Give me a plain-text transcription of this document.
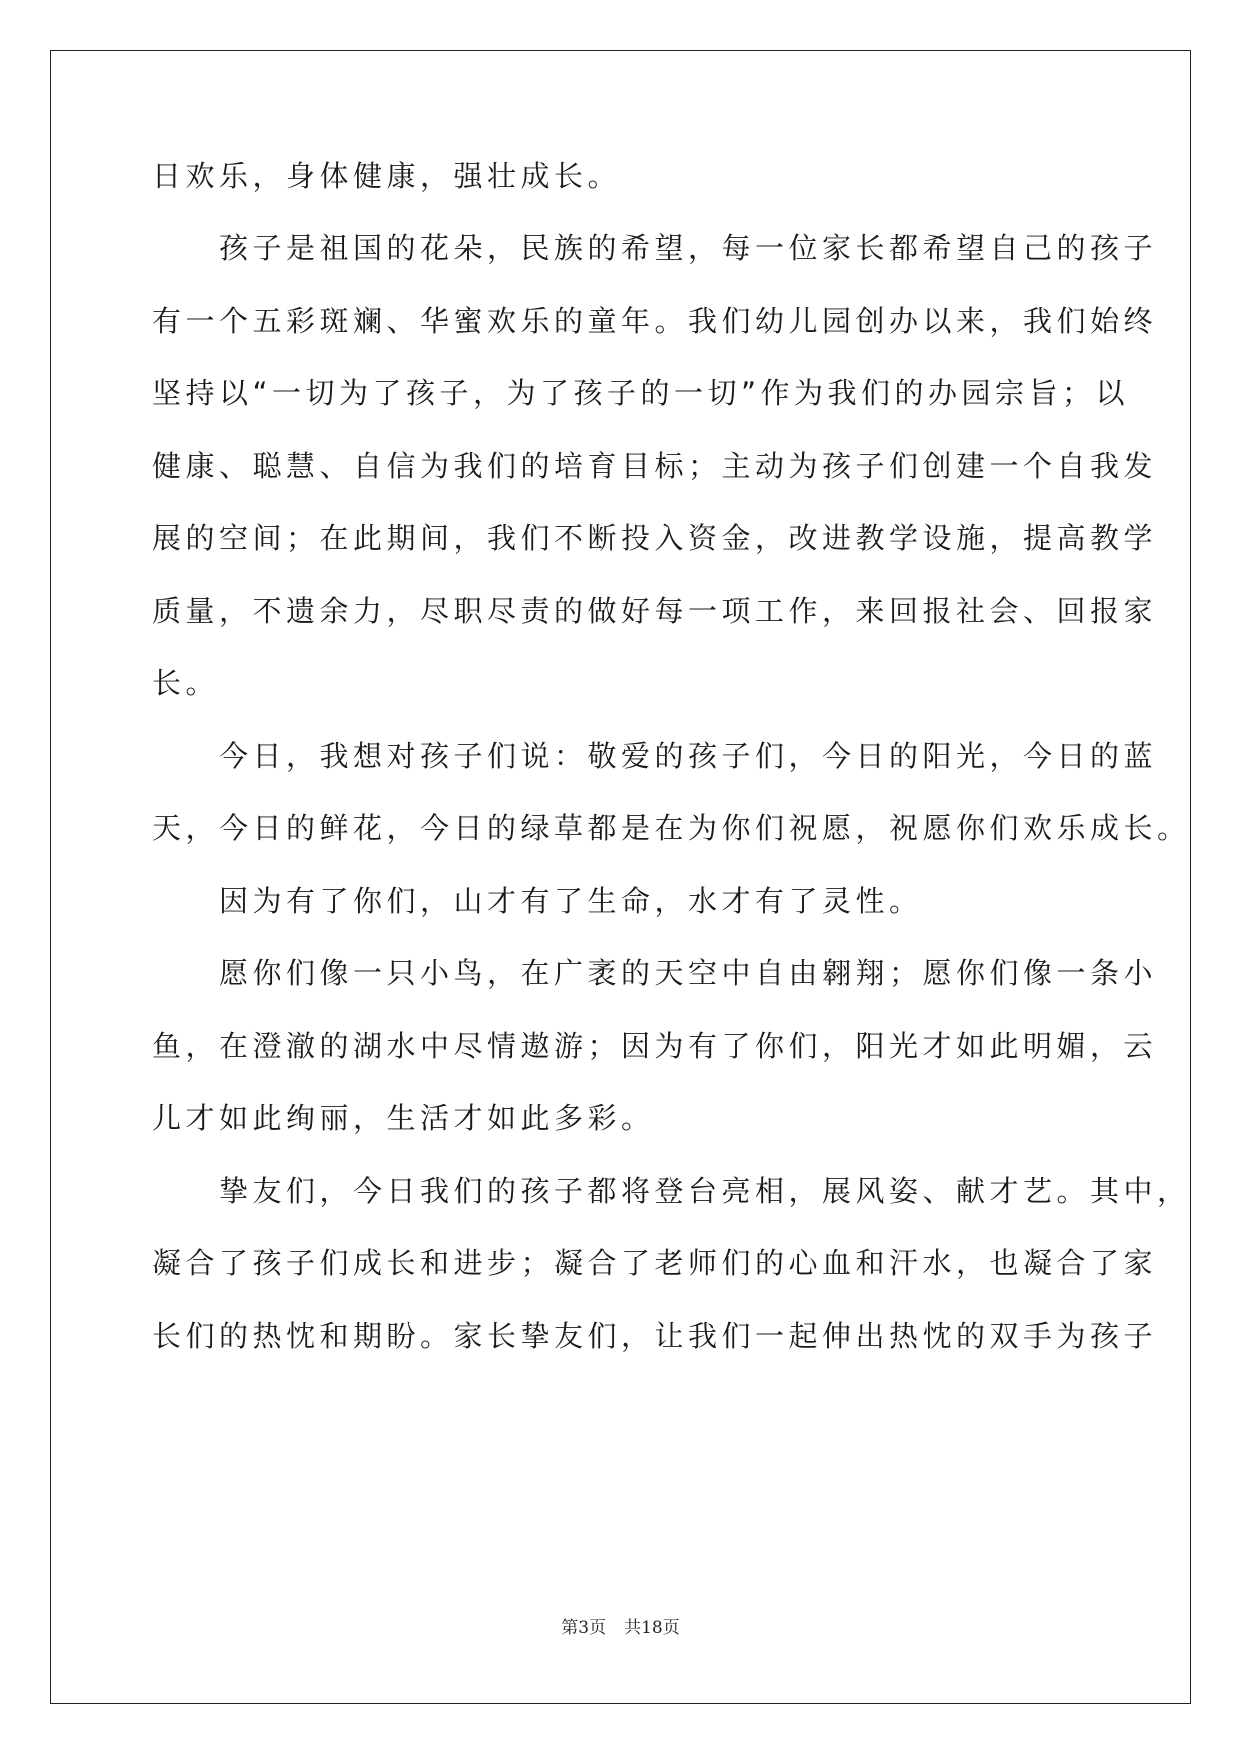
日欢乐，身体健康，强壮成长。
　　孩子是祖国的花朵，民族的希望，每一位家长都希望自己的孩子
有一个五彩斑斓、华蜜欢乐的童年。我们幼儿园创办以来，我们始终
坚持以“一切为了孩子，为了孩子的一切”作为我们的办园宗旨；以
健康、聪慧、自信为我们的培育目标；主动为孩子们创建一个自我发
展的空间；在此期间，我们不断投入资金，改进教学设施，提高教学
质量，不遗余力，尽职尽责的做好每一项工作，来回报社会、回报家
长。
　　今日，我想对孩子们说：敬爱的孩子们，今日的阳光，今日的蓝
天，今日的鲜花，今日的绿草都是在为你们祝愿，祝愿你们欢乐成长。
　　因为有了你们，山才有了生命，水才有了灵性。
　　愿你们像一只小鸟，在广袤的天空中自由翱翔；愿你们像一条小
鱼，在澄澈的湖水中尽情遨游；因为有了你们，阳光才如此明媚，云
儿才如此绚丽，生活才如此多彩。
　　挚友们，今日我们的孩子都将登台亮相，展风姿、献才艺。其中，
凝合了孩子们成长和进步；凝合了老师们的心血和汗水，也凝合了家
长们的热忱和期盼。家长挚友们，让我们一起伸出热忱的双手为孩子
第3页 共18页
